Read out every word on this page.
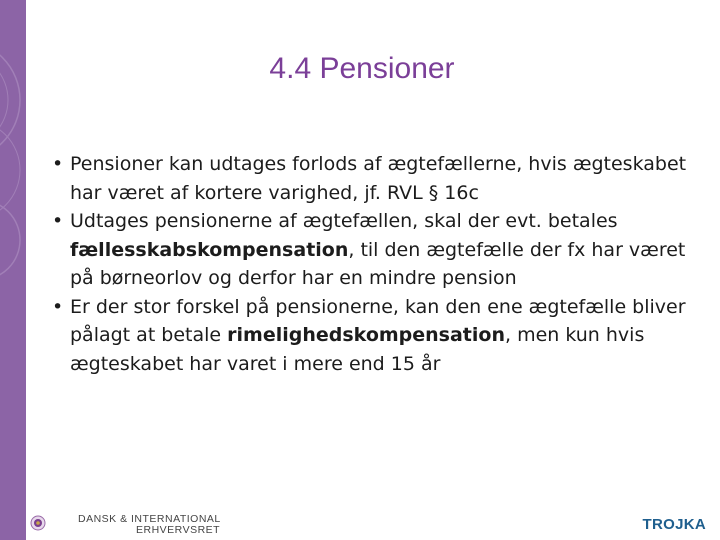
4.4 Pensioner
• Pensioner kan udtages forlods af ægtefællerne, hvis ægteskabet har været af kortere varighed, jf. RVL § 16c
• Udtages pensionerne af ægtefællen, skal der evt. betales fællesskabskompensation, til den ægtefælle der fx har været på børneorlov og derfor har en mindre pension
• Er der stor forskel på pensionerne, kan den ene ægtefælle bliver pålagt at betale rimelighedskompensation, men kun hvis ægteskabet har varet i mere end 15 år
DANSK & INTERNATIONAL
ERHVERVSRET	TROJKA
